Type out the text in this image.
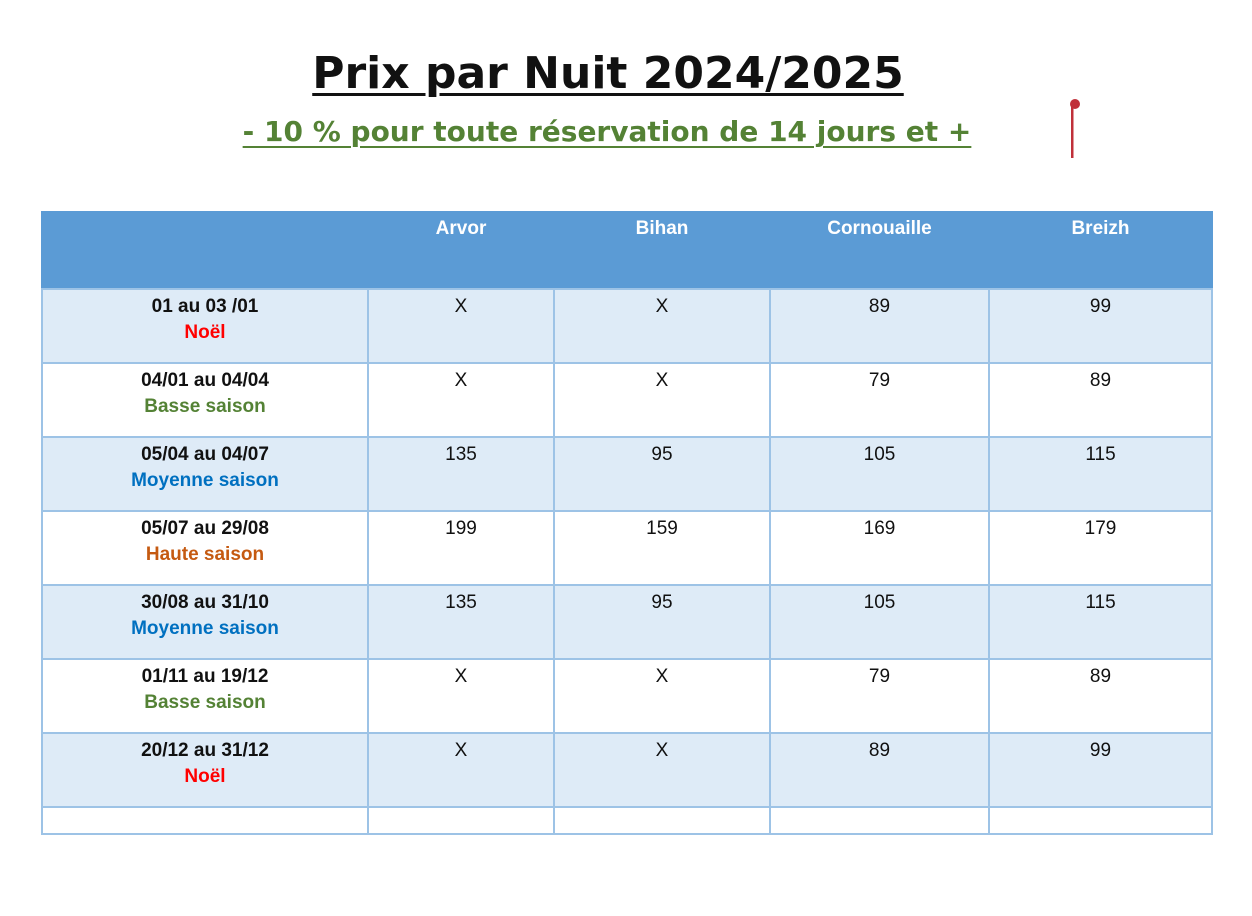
Prix par Nuit 2024/2025
- 10 % pour toute réservation de 14 jours et +
	Arvor	Bihan	Cornouaille	Breizh

01 au 03 /01
Noël	X	X	89	99

04/01 au 04/04
Basse saison	X	X	79	89

05/04 au 04/07
Moyenne saison	135	95	105	115

05/07 au 29/08
Haute saison	199	159	169	179

30/08 au 31/10
Moyenne saison	135	95	105	115

01/11 au 19/12
Basse saison	X	X	79	89

20/12 au 31/12
Noël	X	X	89	99
